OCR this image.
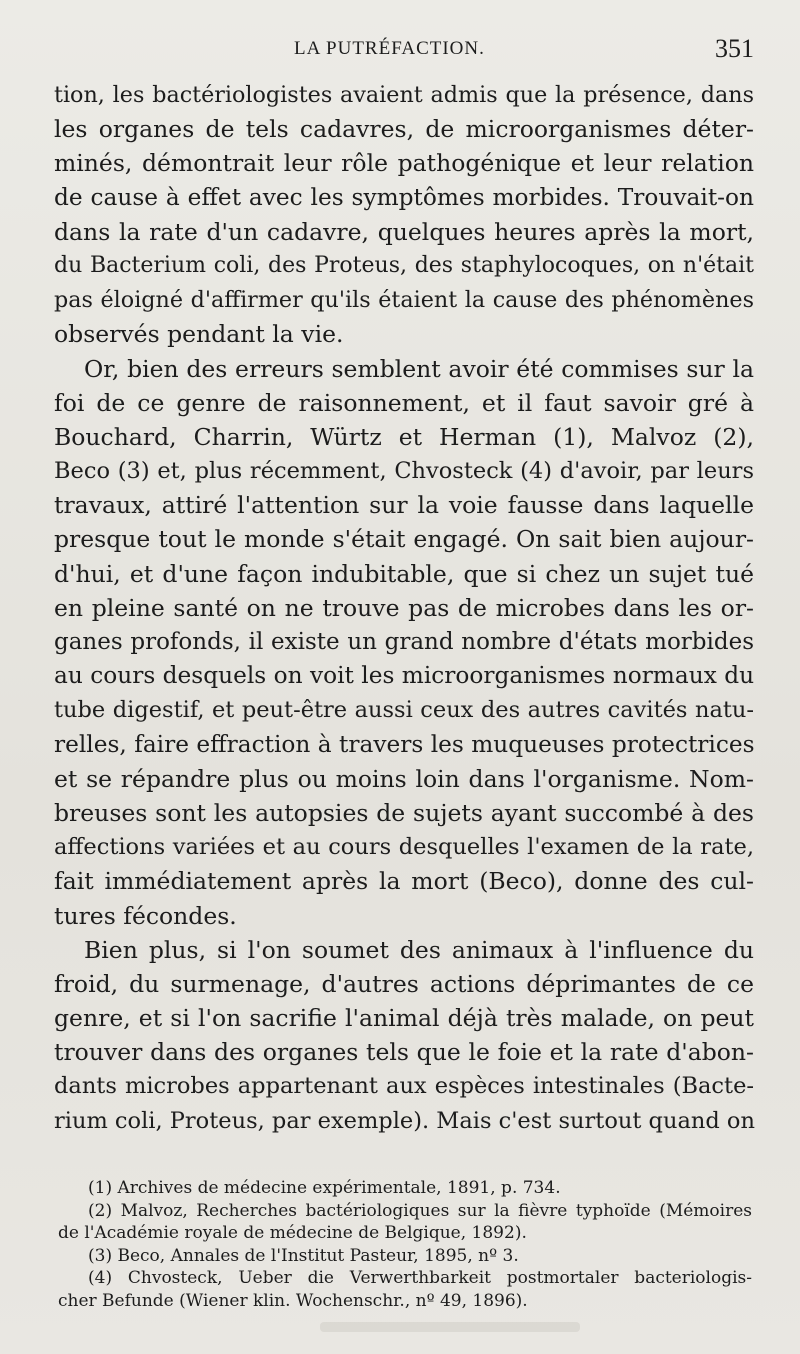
LA PUTRÉFACTION.	351
tion, les bactériologistes avaient admis que la présence, dans
les organes de tels cadavres, de microorganismes déter-
minés, démontrait leur rôle pathogénique et leur relation
de cause à effet avec les symptômes morbides. Trouvait-on
dans la rate d'un cadavre, quelques heures après la mort,
du Bacterium coli, des Proteus, des staphylocoques, on n'était
pas éloigné d'affirmer qu'ils étaient la cause des phénomènes
observés pendant la vie.
Or, bien des erreurs semblent avoir été commises sur la
foi de ce genre de raisonnement, et il faut savoir gré à
Bouchard, Charrin, Würtz et Herman (1), Malvoz (2),
Beco (3) et, plus récemment, Chvosteck (4) d'avoir, par leurs
travaux, attiré l'attention sur la voie fausse dans laquelle
presque tout le monde s'était engagé. On sait bien aujour-
d'hui, et d'une façon indubitable, que si chez un sujet tué
en pleine santé on ne trouve pas de microbes dans les or-
ganes profonds, il existe un grand nombre d'états morbides
au cours desquels on voit les microorganismes normaux du
tube digestif, et peut-être aussi ceux des autres cavités natu-
relles, faire effraction à travers les muqueuses protectrices
et se répandre plus ou moins loin dans l'organisme. Nom-
breuses sont les autopsies de sujets ayant succombé à des
affections variées et au cours desquelles l'examen de la rate,
fait immédiatement après la mort (Beco), donne des cul-
tures fécondes.
Bien plus, si l'on soumet des animaux à l'influence du
froid, du surmenage, d'autres actions déprimantes de ce
genre, et si l'on sacrifie l'animal déjà très malade, on peut
trouver dans des organes tels que le foie et la rate d'abon-
dants microbes appartenant aux espèces intestinales (Bacte-
rium coli, Proteus, par exemple). Mais c'est surtout quand on
(1) Archives de médecine expérimentale, 1891, p. 734.
(2) Malvoz, Recherches bactériologiques sur la fièvre typhoïde (Mémoires
de l'Académie royale de médecine de Belgique, 1892).
(3) Beco, Annales de l'Institut Pasteur, 1895, nº 3.
(4) Chvosteck, Ueber die Verwerthbarkeit postmortaler bacteriologis-
cher Befunde (Wiener klin. Wochenschr., nº 49, 1896).
